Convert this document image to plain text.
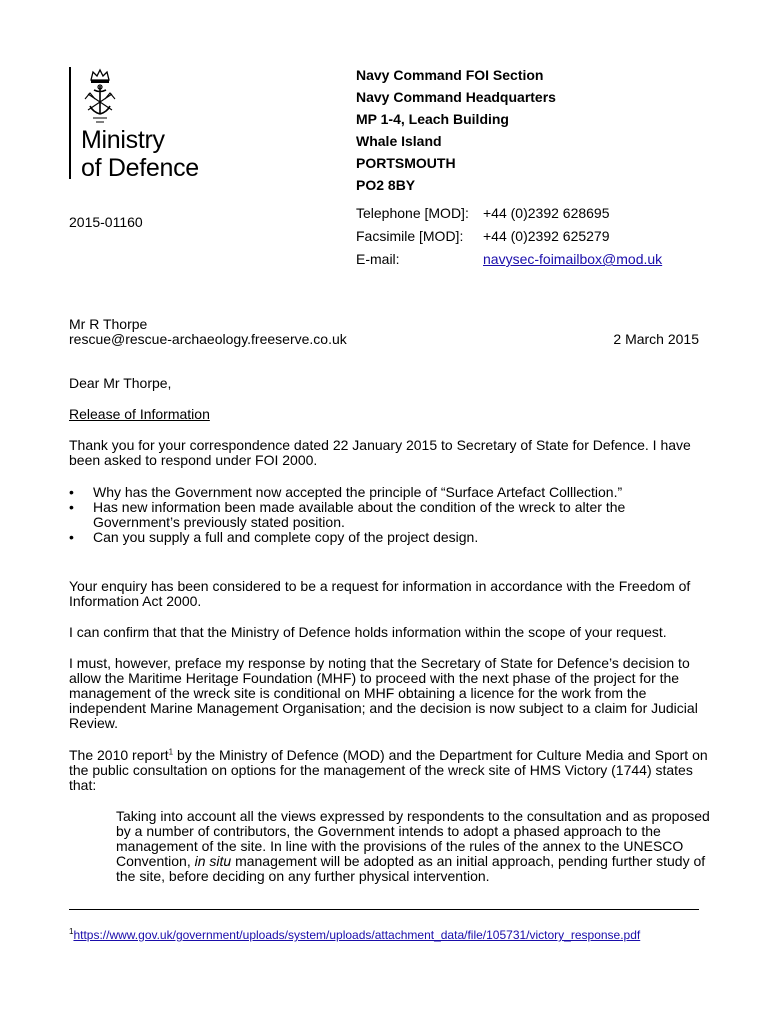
Ministry
of Defence
Navy Command FOI Section
Navy Command Headquarters
MP 1-4, Leach Building
Whale Island
PORTSMOUTH
PO2 8BY
Telephone [MOD]:	+44 (0)2392 628695
Facsimile [MOD]:	+44 (0)2392 625279
E-mail:	navysec-foimailbox@mod.uk
2015-01160
Mr R Thorpe
rescue@rescue-archaeology.freeserve.co.uk	2 March 2015

Dear Mr Thorpe,

Release of Information

Thank you for your correspondence dated 22 January 2015 to Secretary of State for Defence. I have been asked to respond under FOI 2000.

• Why has the Government now accepted the principle of “Surface Artefact Colllection.”
• Has new information been made available about the condition of the wreck to alter the Government’s previously stated position.
• Can you supply a full and complete copy of the project design.

Your enquiry has been considered to be a request for information in accordance with the Freedom of Information Act 2000.

I can confirm that that the Ministry of Defence holds information within the scope of your request.

I must, however, preface my response by noting that the Secretary of State for Defence’s decision to allow the Maritime Heritage Foundation (MHF) to proceed with the next phase of the project for the management of the wreck site is conditional on MHF obtaining a licence for the work from the independent Marine Management Organisation; and the decision is now subject to a claim for Judicial Review.

The 2010 report$^1$ by the Ministry of Defence (MOD) and the Department for Culture Media and Sport on the public consultation on options for the management of the wreck site of HMS Victory (1744) states that:

Taking into account all the views expressed by respondents to the consultation and as proposed by a number of contributors, the Government intends to adopt a phased approach to the management of the site. In line with the provisions of the rules of the annex to the UNESCO Convention, in situ management will be adopted as an initial approach, pending further study of the site, before deciding on any further physical intervention.

$^1$https://www.gov.uk/government/uploads/system/uploads/attachment_data/file/105731/victory_response.pdf
